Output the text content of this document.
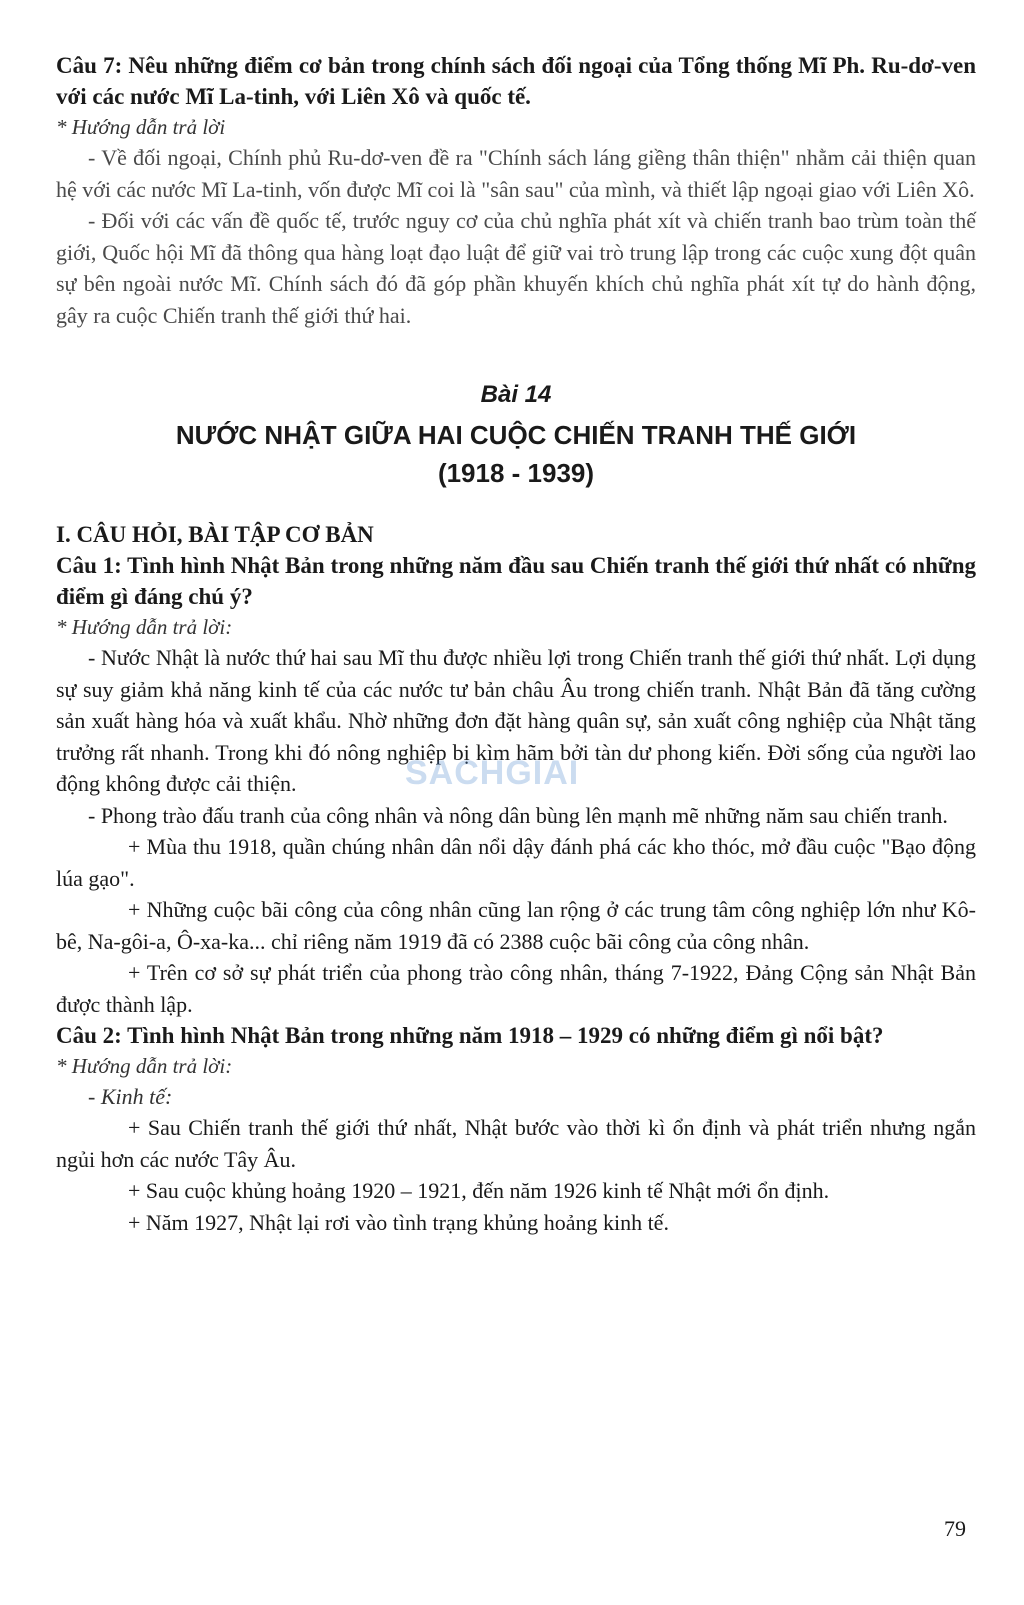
Câu 7: Nêu những điểm cơ bản trong chính sách đối ngoại của Tổng thống Mĩ Ph. Ru-dơ-ven với các nước Mĩ La-tinh, với Liên Xô và quốc tế.

* Hướng dẫn trả lời

- Về đối ngoại, Chính phủ Ru-dơ-ven đề ra "Chính sách láng giềng thân thiện" nhằm cải thiện quan hệ với các nước Mĩ La-tinh, vốn được Mĩ coi là "sân sau" của mình, và thiết lập ngoại giao với Liên Xô.

- Đối với các vấn đề quốc tế, trước nguy cơ của chủ nghĩa phát xít và chiến tranh bao trùm toàn thế giới, Quốc hội Mĩ đã thông qua hàng loạt đạo luật để giữ vai trò trung lập trong các cuộc xung đột quân sự bên ngoài nước Mĩ. Chính sách đó đã góp phần khuyến khích chủ nghĩa phát xít tự do hành động, gây ra cuộc Chiến tranh thế giới thứ hai.

Bài 14

NƯỚC NHẬT GIỮA HAI CUỘC CHIẾN TRANH THẾ GIỚI

(1918 - 1939)

I. CÂU HỎI, BÀI TẬP CƠ BẢN

Câu 1: Tình hình Nhật Bản trong những năm đầu sau Chiến tranh thế giới thứ nhất có những điểm gì đáng chú ý?

* Hướng dẫn trả lời:

- Nước Nhật là nước thứ hai sau Mĩ thu được nhiều lợi trong Chiến tranh thế giới thứ nhất. Lợi dụng sự suy giảm khả năng kinh tế của các nước tư bản châu Âu trong chiến tranh. Nhật Bản đã tăng cường sản xuất hàng hóa và xuất khẩu. Nhờ những đơn đặt hàng quân sự, sản xuất công nghiệp của Nhật tăng trưởng rất nhanh. Trong khi đó nông nghiệp bị kìm hãm bởi tàn dư phong kiến. Đời sống của người lao động không được cải thiện.

- Phong trào đấu tranh của công nhân và nông dân bùng lên mạnh mẽ những năm sau chiến tranh.

+ Mùa thu 1918, quần chúng nhân dân nổi dậy đánh phá các kho thóc, mở đầu cuộc "Bạo động lúa gạo".

+ Những cuộc bãi công của công nhân cũng lan rộng ở các trung tâm công nghiệp lớn như Kô-bê, Na-gôi-a, Ô-xa-ka... chỉ riêng năm 1919 đã có 2388 cuộc bãi công của công nhân.

+ Trên cơ sở sự phát triển của phong trào công nhân, tháng 7-1922, Đảng Cộng sản Nhật Bản được thành lập.

Câu 2: Tình hình Nhật Bản trong những năm 1918 – 1929 có những điểm gì nổi bật?

* Hướng dẫn trả lời:

- Kinh tế:

+ Sau Chiến tranh thế giới thứ nhất, Nhật bước vào thời kì ổn định và phát triển nhưng ngắn ngủi hơn các nước Tây Âu.

+ Sau cuộc khủng hoảng 1920 – 1921, đến năm 1926 kinh tế Nhật mới ổn định.

+ Năm 1927, Nhật lại rơi vào tình trạng khủng hoảng kinh tế.

SACHGIAI
79
